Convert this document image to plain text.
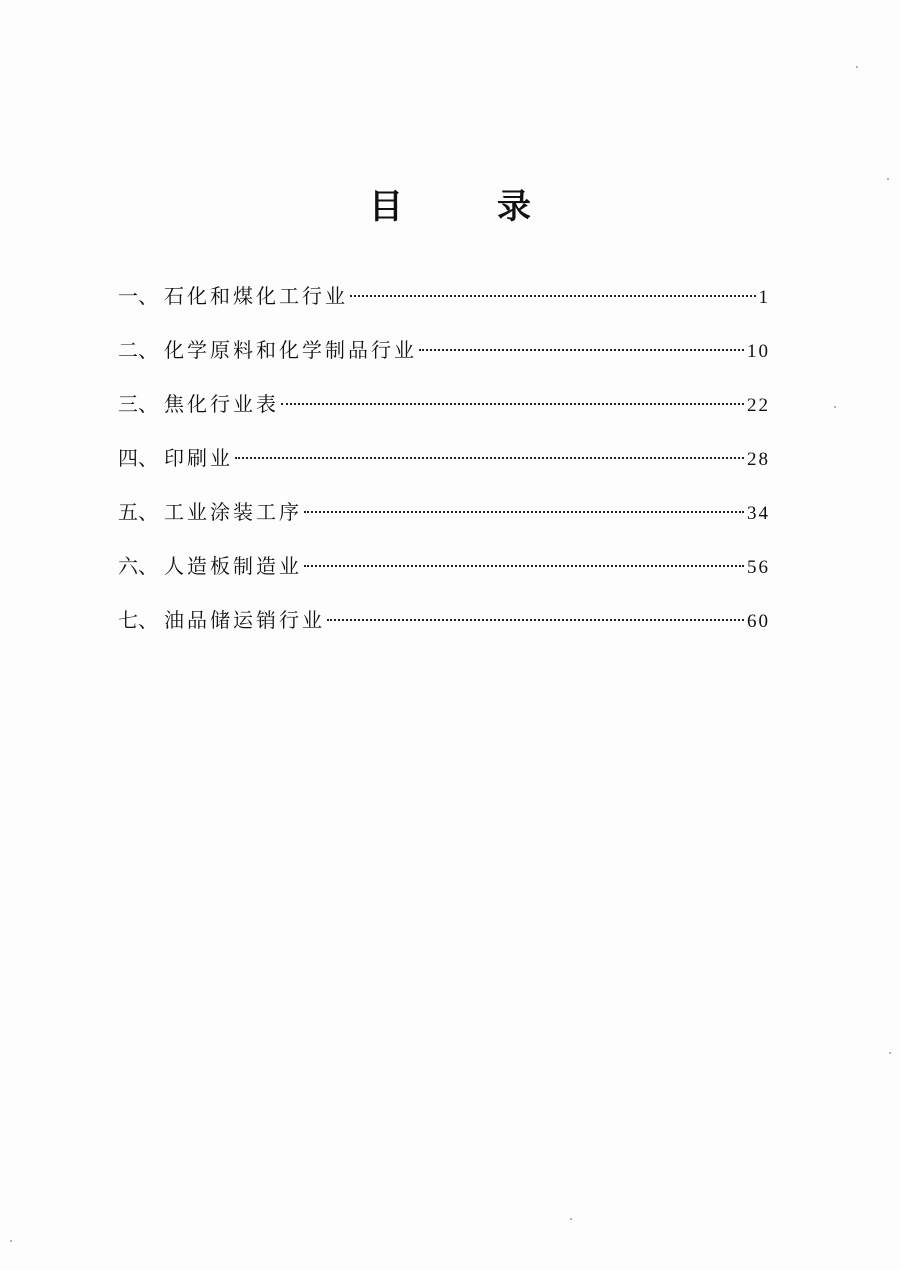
目　录
一、 石化和煤化工行业	1
二、 化学原料和化学制品行业	10
三、 焦化行业表	22
四、 印刷业	28
五、 工业涂装工序	34
六、 人造板制造业	56
七、 油品储运销行业	60
